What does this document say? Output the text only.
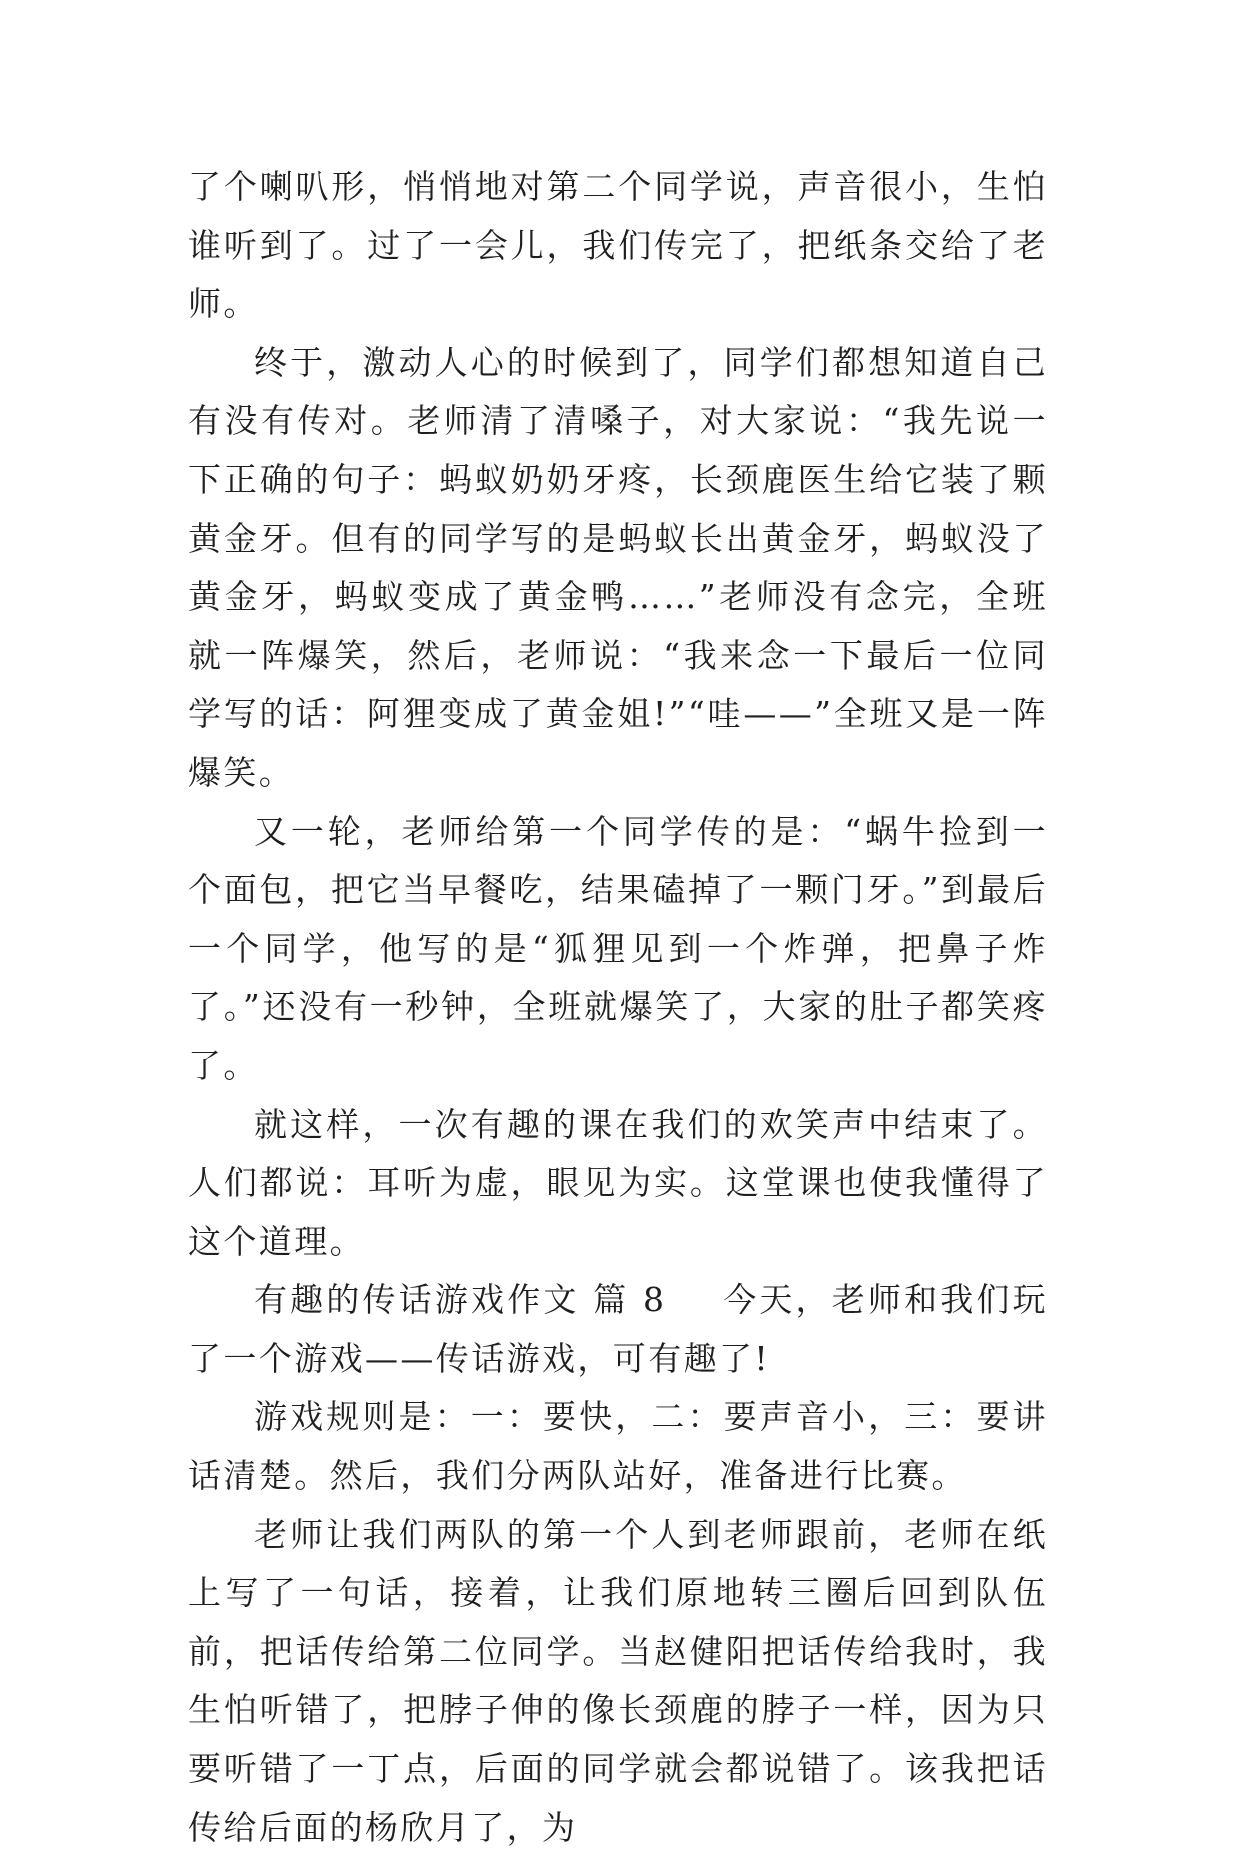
了个喇叭形，悄悄地对第二个同学说，声音很小，生怕谁听到了。过了一会儿，我们传完了，把纸条交给了老师。

终于，激动人心的时候到了，同学们都想知道自己有没有传对。老师清了清嗓子，对大家说：“我先说一下正确的句子：蚂蚁奶奶牙疼，长颈鹿医生给它装了颗黄金牙。但有的同学写的是蚂蚁长出黄金牙，蚂蚁没了黄金牙，蚂蚁变成了黄金鸭……”老师没有念完，全班就一阵爆笑，然后，老师说：“我来念一下最后一位同学写的话：阿狸变成了黄金姐!”“哇——”全班又是一阵爆笑。

又一轮，老师给第一个同学传的是：“蜗牛捡到一个面包，把它当早餐吃，结果磕掉了一颗门牙。”到最后一个同学，他写的是“狐狸见到一个炸弹，把鼻子炸了。”还没有一秒钟，全班就爆笑了，大家的肚子都笑疼了。

就这样，一次有趣的课在我们的欢笑声中结束了。人们都说：耳听为虚，眼见为实。这堂课也使我懂得了这个道理。

有趣的传话游戏作文 篇 8 今天，老师和我们玩了一个游戏——传话游戏，可有趣了!

游戏规则是：一：要快，二：要声音小，三：要讲话清楚。然后，我们分两队站好，准备进行比赛。

老师让我们两队的第一个人到老师跟前，老师在纸上写了一句话，接着，让我们原地转三圈后回到队伍前，把话传给第二位同学。当赵健阳把话传给我时，我生怕听错了，把脖子伸的像长颈鹿的脖子一样，因为只要听错了一丁点，后面的同学就会都说错了。该我把话传给后面的杨欣月了，为
